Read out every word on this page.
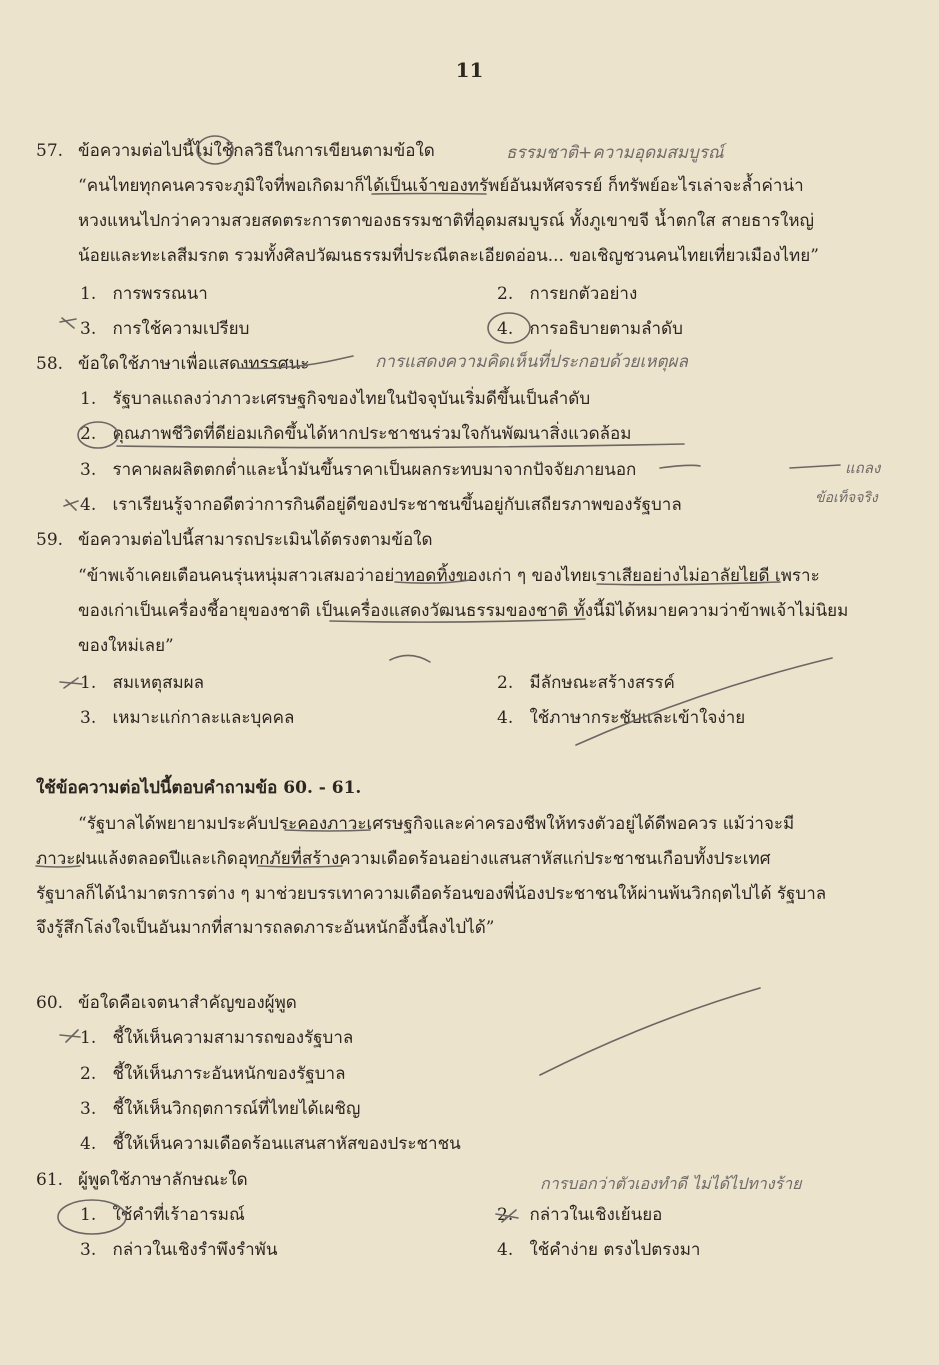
11
57. ข้อความต่อไปนี้ไม่ใช้กลวิธีในการเขียนตามข้อใด	ธรรมชาติ+ความอุดมสมบูรณ์
“คนไทยทุกคนควรจะภูมิใจที่พอเกิดมาก็ได้เป็นเจ้าของทรัพย์อันมหัศจรรย์ ก็ทรัพย์อะไรเล่าจะล้ำค่าน่า
หวงแหนไปกว่าความสวยสดตระการตาของธรรมชาติที่อุดมสมบูรณ์ ทั้งภูเขาขจี น้ำตกใส สายธารใหญ่
น้อยและทะเลสีมรกต รวมทั้งศิลปวัฒนธรรมที่ประณีตละเอียดอ่อน... ขอเชิญชวนคนไทยเที่ยวเมืองไทย”
1. การพรรณนา	2. การยกตัวอย่าง
3. การใช้ความเปรียบ	4. การอธิบายตามลำดับ
58. ข้อใดใช้ภาษาเพื่อแสดงทรรศนะ	การแสดงความคิดเห็นที่ประกอบด้วยเหตุผล
1. รัฐบาลแถลงว่าภาวะเศรษฐกิจของไทยในปัจจุบันเริ่มดีขึ้นเป็นลำดับ
2. คุณภาพชีวิตที่ดีย่อมเกิดขึ้นได้หากประชาชนร่วมใจกันพัฒนาสิ่งแวดล้อม
3. ราคาผลผลิตตกต่ำและน้ำมันขึ้นราคาเป็นผลกระทบมาจากปัจจัยภายนอก
4. เราเรียนรู้จากอดีตว่าการกินดีอยู่ดีของประชาชนขึ้นอยู่กับเสถียรภาพของรัฐบาล
แถลง
ข้อเท็จจริง
59. ข้อความต่อไปนี้สามารถประเมินได้ตรงตามข้อใด
“ข้าพเจ้าเคยเตือนคนรุ่นหนุ่มสาวเสมอว่าอย่าทอดทิ้งของเก่า ๆ ของไทยเราเสียอย่างไม่อาลัยไยดี เพราะ
ของเก่าเป็นเครื่องชี้อายุของชาติ เป็นเครื่องแสดงวัฒนธรรมของชาติ ทั้งนี้มิได้หมายความว่าข้าพเจ้าไม่นิยม
ของใหม่เลย”
1. สมเหตุสมผล	2. มีลักษณะสร้างสรรค์
3. เหมาะแก่กาละและบุคคล	4. ใช้ภาษากระชับและเข้าใจง่าย
ใช้ข้อความต่อไปนี้ตอบคำถามข้อ 60. - 61.
“รัฐบาลได้พยายามประคับประคองภาวะเศรษฐกิจและค่าครองชีพให้ทรงตัวอยู่ได้ดีพอควร แม้ว่าจะมี
ภาวะฝนแล้งตลอดปีและเกิดอุทกภัยที่สร้างความเดือดร้อนอย่างแสนสาหัสแก่ประชาชนเกือบทั้งประเทศ
รัฐบาลก็ได้นำมาตรการต่าง ๆ มาช่วยบรรเทาความเดือดร้อนของพี่น้องประชาชนให้ผ่านพ้นวิกฤตไปได้ รัฐบาล
จึงรู้สึกโล่งใจเป็นอันมากที่สามารถลดภาระอันหนักอึ้งนี้ลงไปได้”
60. ข้อใดคือเจตนาสำคัญของผู้พูด
1. ชี้ให้เห็นความสามารถของรัฐบาล
2. ชี้ให้เห็นภาระอันหนักของรัฐบาล
3. ชี้ให้เห็นวิกฤตการณ์ที่ไทยได้เผชิญ
4. ชี้ให้เห็นความเดือดร้อนแสนสาหัสของประชาชน
61. ผู้พูดใช้ภาษาลักษณะใด	การบอกว่าตัวเองทำดี ไม่ได้ไปทางร้าย
1. ใช้คำที่เร้าอารมณ์	2. กล่าวในเชิงเย้นยอ
3. กล่าวในเชิงรำพึงรำพัน	4. ใช้คำง่าย ตรงไปตรงมา
